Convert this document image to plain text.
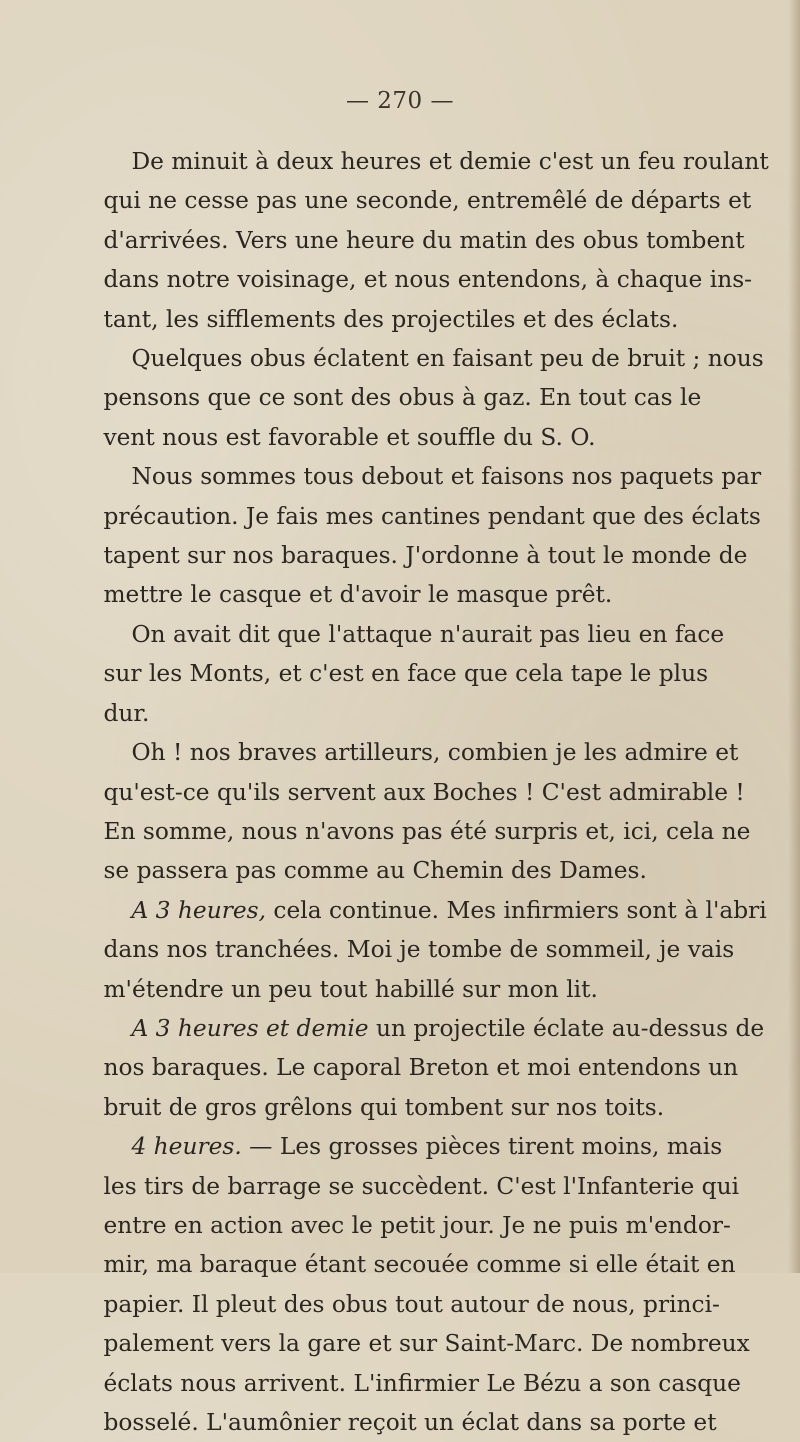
— 270 —

De minuit à deux heures et demie c'est un feu roulant
qui ne cesse pas une seconde, entremêlé de départs et
d'arrivées. Vers une heure du matin des obus tombent
dans notre voisinage, et nous entendons, à chaque ins-
tant, les sifflements des projectiles et des éclats.

Quelques obus éclatent en faisant peu de bruit ; nous
pensons que ce sont des obus à gaz. En tout cas le
vent nous est favorable et souffle du S. O.

Nous sommes tous debout et faisons nos paquets par
précaution. Je fais mes cantines pendant que des éclats
tapent sur nos baraques. J'ordonne à tout le monde de
mettre le casque et d'avoir le masque prêt.

On avait dit que l'attaque n'aurait pas lieu en face
sur les Monts, et c'est en face que cela tape le plus
dur.

Oh ! nos braves artilleurs, combien je les admire et
qu'est-ce qu'ils servent aux Boches ! C'est admirable !
En somme, nous n'avons pas été surpris et, ici, cela ne
se passera pas comme au Chemin des Dames.

A 3 heures, cela continue. Mes infirmiers sont à l'abri
dans nos tranchées. Moi je tombe de sommeil, je vais
m'étendre un peu tout habillé sur mon lit.

A 3 heures et demie un projectile éclate au-dessus de
nos baraques. Le caporal Breton et moi entendons un
bruit de gros grêlons qui tombent sur nos toits.

4 heures. — Les grosses pièces tirent moins, mais
les tirs de barrage se succèdent. C'est l'Infanterie qui
entre en action avec le petit jour. Je ne puis m'endor-
mir, ma baraque étant secouée comme si elle était en
papier. Il pleut des obus tout autour de nous, princi-
palement vers la gare et sur Saint-Marc. De nombreux
éclats nous arrivent. L'infirmier Le Bézu a son casque
bosselé. L'aumônier reçoit un éclat dans sa porte et
